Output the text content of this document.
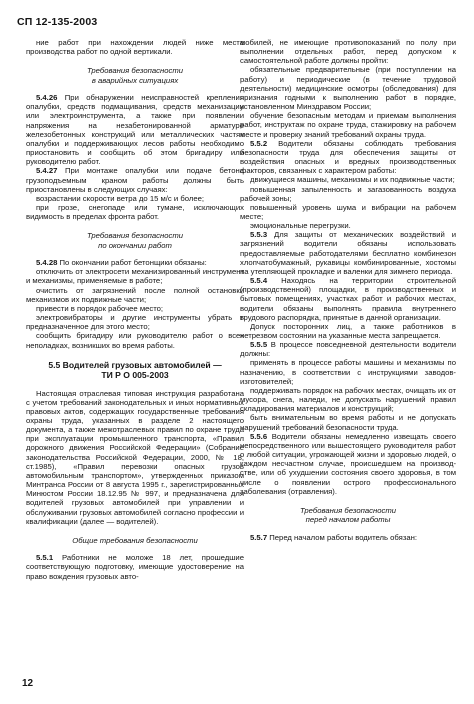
СП 12-135-2003

ние работ при нахождении людей ниже места производства работ по одной вертикали.

Требования безопасности
в аварийных ситуациях

5.4.26 При обнаружении неисправностей крепления опалубки, средств подмащивания, средств механизации или электроинструмента, а также при появлении напряжения на незабетонированной арматуре железобетонных конструкций или металлических частях опалубки и поддерживающих лесов работы необходимо приостановить и сообщить об этом бригадиру или руководителю работ.

5.4.27 При монтаже опалубки или подаче бетона грузоподъемным краном работы должны быть приостановлены в следующих случаях:

возрастании скорости ветра до 15 м/с и более;

при грозе, снегопаде или тумане, исключающих видимость в пределах фронта работ.

Требования безопасности
по окончании работ

5.4.28 По окончании работ бетонщики обязаны:

отключить от электросети механизированный инструмент и механизмы, применяемые в работе;

очистить от загрязнений после полной остановки механизмов их подвижные части;

привести в порядок рабочее место;

электровибраторы и другие инструменты убрать в предназначенное для этого место;

сообщить бригадиру или руководителю работ о всех неполадках, возникших во время работы.

5.5 Водителей грузовых автомобилей —
ТИ Р О 005-2003

Настоящая отраслевая типовая инструкция разработана с учетом требований законодательных и иных нормативных правовых актов, содержащих государственные требования охраны труда, указанных в разделе 2 настоящего документа, а также межотраслевых правил по охране труда при эксплуатации промышленного транспорта, «Правил дорожного движения Российской Федерации» (Собрание законодательства Российской Федерации, 2000, № 18, ст.1985), «Правил перевозки опасных грузов автомобильным транспортом», утвержденных приказом Минтранса России от 8 августа 1995 г., зарегистрированных Минюстом России 18.12.95 № 997, и предназначена для водителей грузовых автомобилей при управлении и обслуживании грузовых автомобилей согласно профессии и квалификации (далее — водителей).

Общие требования безопасности

5.5.1 Работники не моложе 18 лет, прошедшие соответствующую подготовку, имеющие удостоверение на право вождения грузовых авто-

мобилей, не имеющие противопоказаний по полу при выполнении отдельных работ, перед допуском к самостоятельной работе должны пройти:

обязательные предварительные (при поступлении на работу) и периодические (в течение трудовой деятельности) медицинские осмотры (обследования) для признания годными к выполнению работ в порядке, установленном Минздравом России;

обучение безопасным методам и приемам выполнения работ, инструктаж по охране труда, стажировку на рабочем месте и проверку знаний требований охраны труда.

5.5.2 Водители обязаны соблюдать требования безопасности труда для обеспечения защиты от воздействия опасных и вредных производственных факторов, связанных с характером работы:

движущиеся машины, механизмы и их подвижные части;

повышенная запыленность и загазованность воздуха рабочей зоны;

повышенный уровень шума и вибрации на рабочем месте;

эмоциональные перегрузки.

5.5.3 Для защиты от механических воздействий и загрязнений водители обязаны использовать предоставляемые работодателями бесплатно комбинезон хлопчатобумажный, рукавицы комбинированные, хостомы на утепляющей прокладке и валенки для зимнего периода.

5.5.4 Находясь на территории строительной (производственной) площадки, в производственных и бытовых помещениях, участках работ и рабочих местах, водители обязаны выполнять правила внутреннего трудового распорядка, принятые в данной организации.

Допуск посторонних лиц, а также работников в нетрезвом состоянии на указанные места запрещается.

5.5.5 В процессе повседневной деятельности водители должны:

применять в процессе работы машины и механизмы по назначению, в соответствии с инструкциями заводов-изготовителей;

поддерживать порядок на рабочих местах, очищать их от мусора, снега, наледи, не допускать нарушений правил складирования материалов и конструкций;

быть внимательным во время работы и не допускать нарушений требований безопасности труда.

5.5.6 Водители обязаны немедленно извещать своего непосредственного или вышестоящего руководителя работ о любой ситуации, угрожающей жизни и здоровью людей, о каждом несчастном случае, происшедшем на производстве, или об ухудшении состояния своего здоровья, в том числе о появлении острого профессионального заболевания (отравления).

Требования безопасности
перед началом работы

5.5.7 Перед началом работы водитель обязан:

12
